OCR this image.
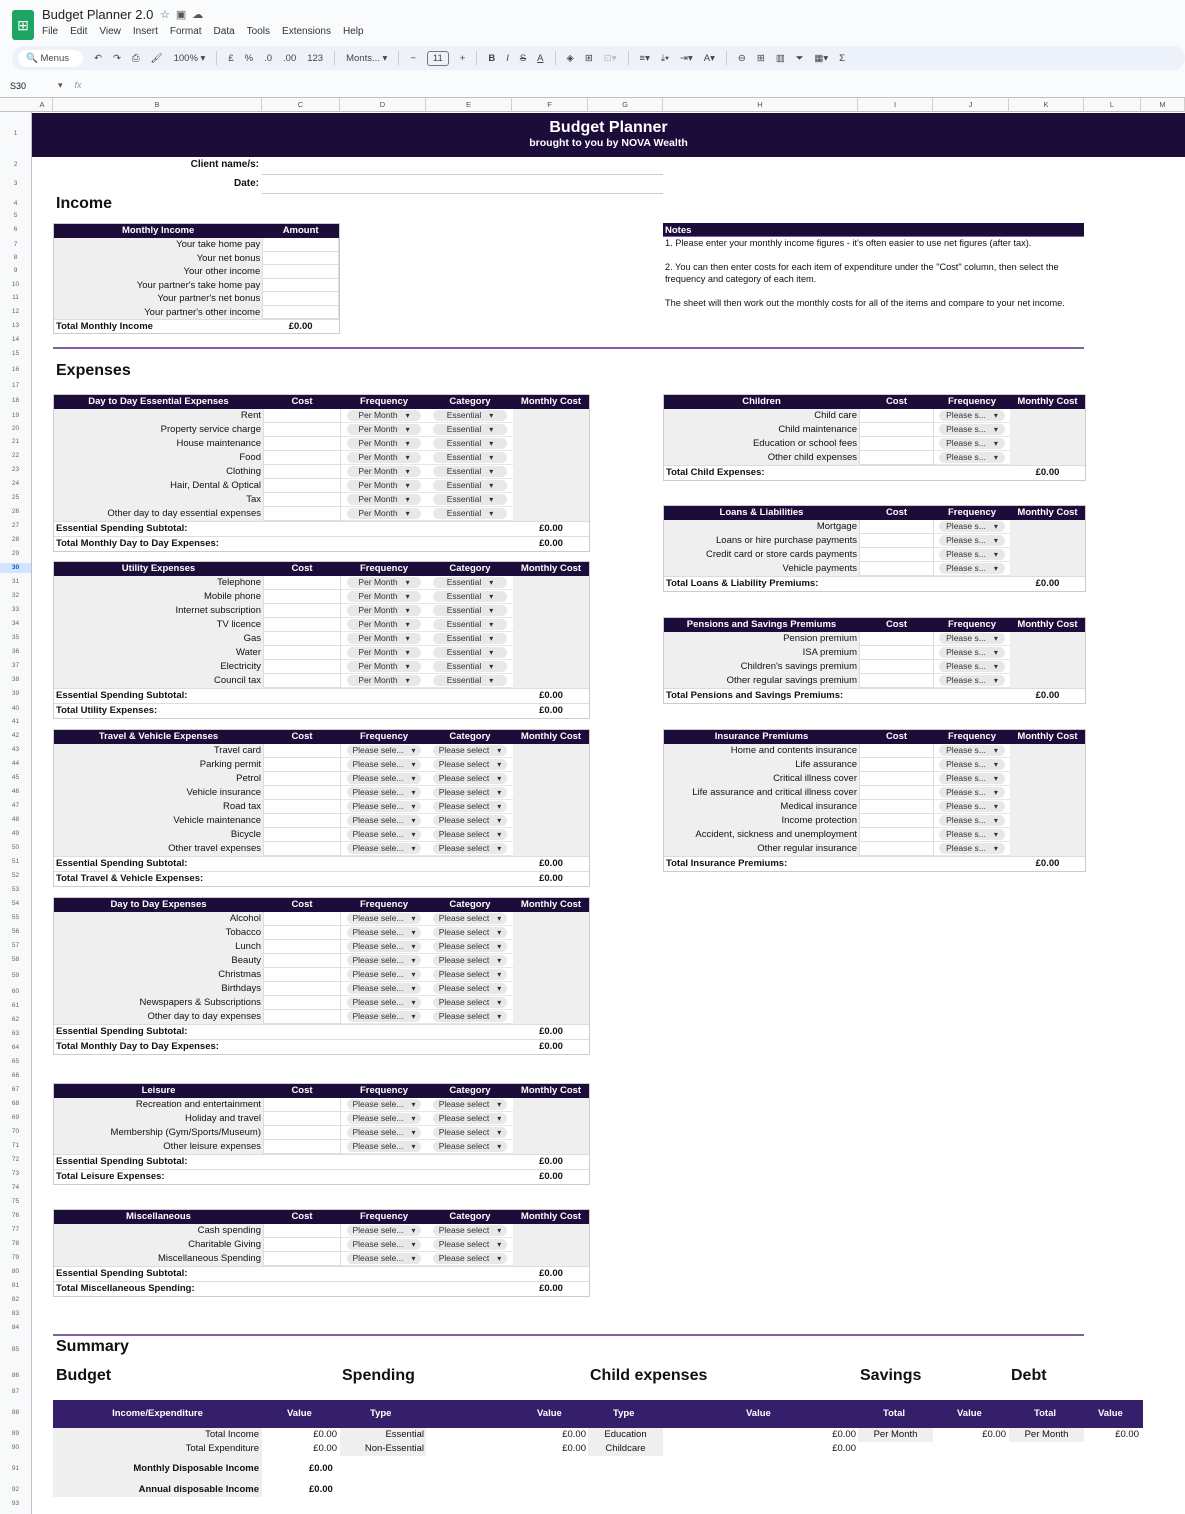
⊞
Budget Planner 2.0 ☆▣☁
File Edit View Insert Format Data Tools Extensions Help
🔍 Menus	↶ ↷ ⎙ 🖌 100% ▾ £ % .0 .00 123 Monts... ▾ −	11	+ B I S A ◈ ⊞ ⊡▾ ≡▾ ⤓▾ ⇥▾ A▾ ⊖ ⊞ ▥ ⏷ ▦▾ Σ
S30	▾ fx
A	B	C	D	E	F	G	H	I	J	K	L	M
1
2
3
4
5
6
7
8
9
10
11
12
13
14
15
16
17
18
19
20
21
22
23
24
25
26
27
28
29
30
31
32
33
34
35
36
37
38
39
40
41
42
43
44
45
46
47
48
49
50
51
52
53
54
55
56
57
58
59
60
61
62
63
64
65
66
67
68
69
70
71
72
73
74
75
76
77
78
79
80
81
82
83
84
85
86
87
88
89
90
91
92
93
Budget Planner
brought to you by NOVA Wealth
Client name/s:
Date:
Income
Monthly Income	Amount
Your take home pay
Your net bonus
Your other income
Your partner's take home pay
Your partner's net bonus
Your partner's other income
Total Monthly Income	£0.00
Notes

1. Please enter your monthly income figures - it's often easier to use net figures (after tax).

2. You can then enter costs for each item of expenditure under the "Cost" column, then select the frequency and category of each item.

The sheet will then work out the monthly costs for all of the items and compare to your net income.

Expenses
Day to Day Essential Expenses	Cost	Frequency	Category	Monthly Cost
Rent	Per Month ▾	Essential ▾
Property service charge	Per Month ▾	Essential ▾
House maintenance	Per Month ▾	Essential ▾
Food	Per Month ▾	Essential ▾
Clothing	Per Month ▾	Essential ▾
Hair, Dental & Optical	Per Month ▾	Essential ▾
Tax	Per Month ▾	Essential ▾
Other day to day essential expenses	Per Month ▾	Essential ▾
Essential Spending Subtotal:	£0.00
Total Monthly Day to Day Expenses:	£0.00
Utility Expenses	Cost	Frequency	Category	Monthly Cost
Telephone	Per Month ▾	Essential ▾
Mobile phone	Per Month ▾	Essential ▾
Internet subscription	Per Month ▾	Essential ▾
TV licence	Per Month ▾	Essential ▾
Gas	Per Month ▾	Essential ▾
Water	Per Month ▾	Essential ▾
Electricity	Per Month ▾	Essential ▾
Council tax	Per Month ▾	Essential ▾
Essential Spending Subtotal:	£0.00
Total Utility Expenses:	£0.00
Travel & Vehicle Expenses	Cost	Frequency	Category	Monthly Cost
Travel card	Please sele... ▾	Please select ▾
Parking permit	Please sele... ▾	Please select ▾
Petrol	Please sele... ▾	Please select ▾
Vehicle insurance	Please sele... ▾	Please select ▾
Road tax	Please sele... ▾	Please select ▾
Vehicle maintenance	Please sele... ▾	Please select ▾
Bicycle	Please sele... ▾	Please select ▾
Other travel expenses	Please sele... ▾	Please select ▾
Essential Spending Subtotal:	£0.00
Total Travel & Vehicle Expenses:	£0.00
Day to Day Expenses	Cost	Frequency	Category	Monthly Cost
Alcohol	Please sele... ▾	Please select ▾
Tobacco	Please sele... ▾	Please select ▾
Lunch	Please sele... ▾	Please select ▾
Beauty	Please sele... ▾	Please select ▾
Christmas	Please sele... ▾	Please select ▾
Birthdays	Please sele... ▾	Please select ▾
Newspapers & Subscriptions	Please sele... ▾	Please select ▾
Other day to day expenses	Please sele... ▾	Please select ▾
Essential Spending Subtotal:	£0.00
Total Monthly Day to Day Expenses:	£0.00
Leisure	Cost	Frequency	Category	Monthly Cost
Recreation and entertainment	Please sele... ▾	Please select ▾
Holiday and travel	Please sele... ▾	Please select ▾
Membership (Gym/Sports/Museum)	Please sele... ▾	Please select ▾
Other leisure expenses	Please sele... ▾	Please select ▾
Essential Spending Subtotal:	£0.00
Total Leisure Expenses:	£0.00
Miscellaneous	Cost	Frequency	Category	Monthly Cost
Cash spending	Please sele... ▾	Please select ▾
Charitable Giving	Please sele... ▾	Please select ▾
Miscellaneous Spending	Please sele... ▾	Please select ▾
Essential Spending Subtotal:	£0.00
Total Miscellaneous Spending:	£0.00
Children	Cost	Frequency	Monthly Cost
Child care	Please s... ▾
Child maintenance	Please s... ▾
Education or school fees	Please s... ▾
Other child expenses	Please s... ▾
Total Child Expenses:	£0.00
Loans & Liabilities	Cost	Frequency	Monthly Cost
Mortgage	Please s... ▾
Loans or hire purchase payments	Please s... ▾
Credit card or store cards payments	Please s... ▾
Vehicle payments	Please s... ▾
Total Loans & Liability Premiums:	£0.00
Pensions and Savings Premiums	Cost	Frequency	Monthly Cost
Pension premium	Please s... ▾
ISA premium	Please s... ▾
Children's savings premium	Please s... ▾
Other regular savings premium	Please s... ▾
Total Pensions and Savings Premiums:	£0.00
Insurance Premiums	Cost	Frequency	Monthly Cost
Home and contents insurance	Please s... ▾
Life assurance	Please s... ▾
Critical illness cover	Please s... ▾
Life assurance and critical illness cover	Please s... ▾
Medical insurance	Please s... ▾
Income protection	Please s... ▾
Accident, sickness and unemployment	Please s... ▾
Other regular insurance	Please s... ▾
Total Insurance Premiums:	£0.00
Summary
Budget	Spending	Child expenses	Savings	Debt
Income/Expenditure	Value	Type	Value	Type	Value	Total	Value	Total	Value
Total Income	£0.00
Total Expenditure	£0.00
Essential	£0.00
Non-Essential	£0.00
Education	£0.00
Childcare	£0.00
Per Month	£0.00	Per Month	£0.00
Monthly Disposable Income	£0.00
Annual disposable Income	£0.00
